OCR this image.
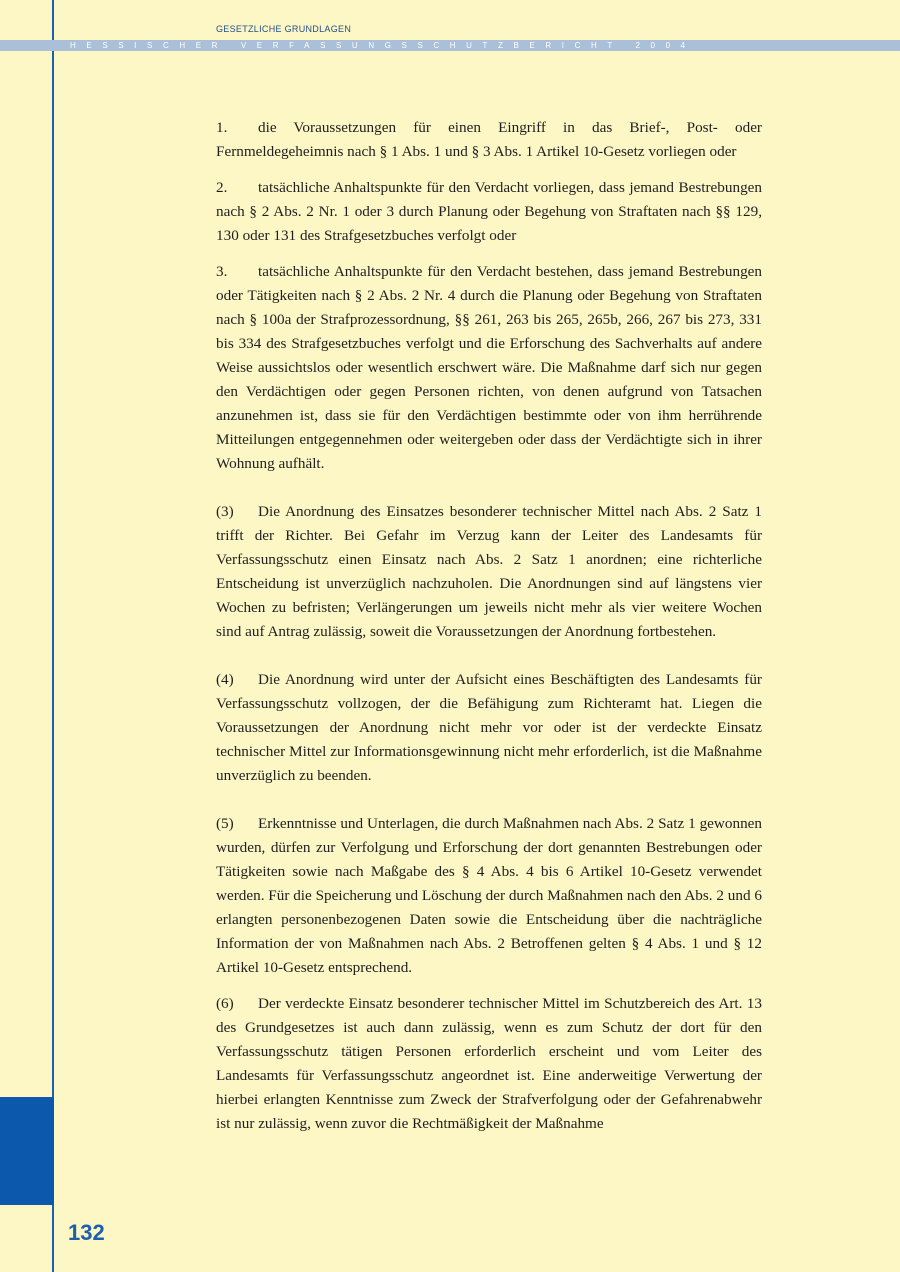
GESETZLICHE GRUNDLAGEN
HESSISCHER VERFASSUNGSSCHUTZBERICHT 2004

1. die Voraussetzungen für einen Eingriff in das Brief-, Post- oder Fernmeldegeheimnis nach § 1 Abs. 1 und § 3 Abs. 1 Artikel 10-Gesetz vorliegen oder

2. tatsächliche Anhaltspunkte für den Verdacht vorliegen, dass jemand Bestrebungen nach § 2 Abs. 2 Nr. 1 oder 3 durch Planung oder Begehung von Straftaten nach §§ 129, 130 oder 131 des Strafgesetzbuches verfolgt oder

3. tatsächliche Anhaltspunkte für den Verdacht bestehen, dass jemand Bestrebungen oder Tätigkeiten nach § 2 Abs. 2 Nr. 4 durch die Planung oder Begehung von Straftaten nach § 100a der Strafprozessordnung, §§ 261, 263 bis 265, 265b, 266, 267 bis 273, 331 bis 334 des Strafgesetzbuches verfolgt und die Erforschung des Sachverhalts auf andere Weise aussichtslos oder wesentlich erschwert wäre. Die Maßnahme darf sich nur gegen den Verdächtigen oder gegen Personen richten, von denen aufgrund von Tatsachen anzunehmen ist, dass sie für den Verdächtigen bestimmte oder von ihm herrührende Mitteilungen entgegennehmen oder weitergeben oder dass der Verdächtigte sich in ihrer Wohnung aufhält.

(3) Die Anordnung des Einsatzes besonderer technischer Mittel nach Abs. 2 Satz 1 trifft der Richter. Bei Gefahr im Verzug kann der Leiter des Landesamts für Verfassungsschutz einen Einsatz nach Abs. 2 Satz 1 anordnen; eine richterliche Entscheidung ist unverzüglich nachzuholen. Die Anordnungen sind auf längstens vier Wochen zu befristen; Verlängerungen um jeweils nicht mehr als vier weitere Wochen sind auf Antrag zulässig, soweit die Voraussetzungen der Anordnung fortbestehen.

(4) Die Anordnung wird unter der Aufsicht eines Beschäftigten des Landesamts für Verfassungsschutz vollzogen, der die Befähigung zum Richteramt hat. Liegen die Voraussetzungen der Anordnung nicht mehr vor oder ist der verdeckte Einsatz technischer Mittel zur Informationsgewinnung nicht mehr erforderlich, ist die Maßnahme unverzüglich zu beenden.

(5) Erkenntnisse und Unterlagen, die durch Maßnahmen nach Abs. 2 Satz 1 gewonnen wurden, dürfen zur Verfolgung und Erforschung der dort genannten Bestrebungen oder Tätigkeiten sowie nach Maßgabe des § 4 Abs. 4 bis 6 Artikel 10-Gesetz verwendet werden. Für die Speicherung und Löschung der durch Maßnahmen nach den Abs. 2 und 6 erlangten personenbezogenen Daten sowie die Entscheidung über die nachträgliche Information der von Maßnahmen nach Abs. 2 Betroffenen gelten § 4 Abs. 1 und § 12 Artikel 10-Gesetz entsprechend.

(6) Der verdeckte Einsatz besonderer technischer Mittel im Schutzbereich des Art. 13 des Grundgesetzes ist auch dann zulässig, wenn es zum Schutz der dort für den Verfassungsschutz tätigen Personen erforderlich erscheint und vom Leiter des Landesamts für Verfassungsschutz angeordnet ist. Eine anderweitige Verwertung der hierbei erlangten Kenntnisse zum Zweck der Strafverfolgung oder der Gefahrenabwehr ist nur zulässig, wenn zuvor die Rechtmäßigkeit der Maßnahme

132
